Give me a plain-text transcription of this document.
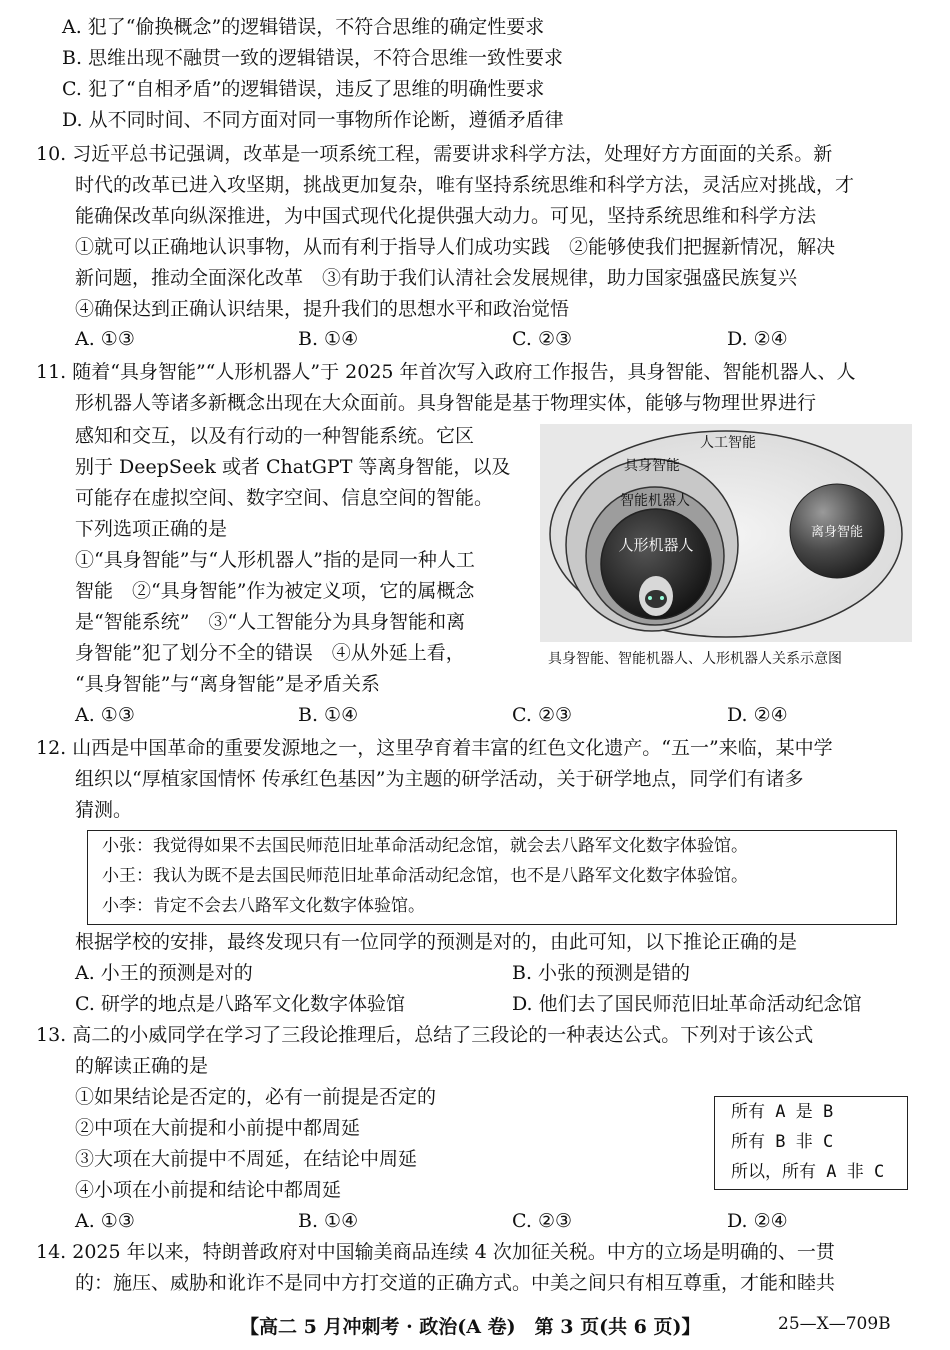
A. 犯了“偷换概念”的逻辑错误，不符合思维的确定性要求
B. 思维出现不融贯一致的逻辑错误，不符合思维一致性要求
C. 犯了“自相矛盾”的逻辑错误，违反了思维的明确性要求
D. 从不同时间、不同方面对同一事物所作论断，遵循矛盾律
10. 习近平总书记强调，改革是一项系统工程，需要讲求科学方法，处理好方方面面的关系。新
时代的改革已进入攻坚期，挑战更加复杂，唯有坚持系统思维和科学方法，灵活应对挑战，才
能确保改革向纵深推进，为中国式现代化提供强大动力。可见，坚持系统思维和科学方法
①就可以正确地认识事物，从而有利于指导人们成功实践　②能够使我们把握新情况，解决
新问题，推动全面深化改革　③有助于我们认清社会发展规律，助力国家强盛民族复兴
④确保达到正确认识结果，提升我们的思想水平和政治觉悟
A. ①③	B. ①④	C. ②③	D. ②④
11. 随着“具身智能”“人形机器人”于 2025 年首次写入政府工作报告，具身智能、智能机器人、人
形机器人等诸多新概念出现在大众面前。具身智能是基于物理实体，能够与物理世界进行
感知和交互，以及有行动的一种智能系统。它区
别于 DeepSeek 或者 ChatGPT 等离身智能，以及
可能存在虚拟空间、数字空间、信息空间的智能。
下列选项正确的是
①“具身智能”与“人形机器人”指的是同一种人工
智能　②“具身智能”作为被定义项，它的属概念
是“智能系统”　③“人工智能分为具身智能和离
身智能”犯了划分不全的错误　④从外延上看，
“具身智能”与“离身智能”是矛盾关系
人工智能
具身智能
智能机器人
人形机器人
离身智能
具身智能、智能机器人、人形机器人关系示意图
A. ①③	B. ①④	C. ②③	D. ②④
12. 山西是中国革命的重要发源地之一，这里孕育着丰富的红色文化遗产。“五一”来临，某中学
组织以“厚植家国情怀 传承红色基因”为主题的研学活动，关于研学地点，同学们有诸多
猜测。
小张：我觉得如果不去国民师范旧址革命活动纪念馆，就会去八路军文化数字体验馆。
小王：我认为既不是去国民师范旧址革命活动纪念馆，也不是八路军文化数字体验馆。
小李：肯定不会去八路军文化数字体验馆。
根据学校的安排，最终发现只有一位同学的预测是对的，由此可知，以下推论正确的是
A. 小王的预测是对的	B. 小张的预测是错的
C. 研学的地点是八路军文化数字体验馆	D. 他们去了国民师范旧址革命活动纪念馆
13. 高二的小威同学在学习了三段论推理后，总结了三段论的一种表达公式。下列对于该公式
的解读正确的是
①如果结论是否定的，必有一前提是否定的
②中项在大前提和小前提中都周延
③大项在大前提中不周延，在结论中周延
④小项在小前提和结论中都周延
所有 A 是 B
所有 B 非 C
所以，所有 A 非 C
A. ①③	B. ①④	C. ②③	D. ②④
14. 2025 年以来，特朗普政府对中国输美商品连续 4 次加征关税。中方的立场是明确的、一贯
的：施压、威胁和讹诈不是同中方打交道的正确方式。中美之间只有相互尊重，才能和睦共
【高二 5 月冲刺考 · 政治(A 卷)　第 3 页(共 6 页)】	25—X—709B
